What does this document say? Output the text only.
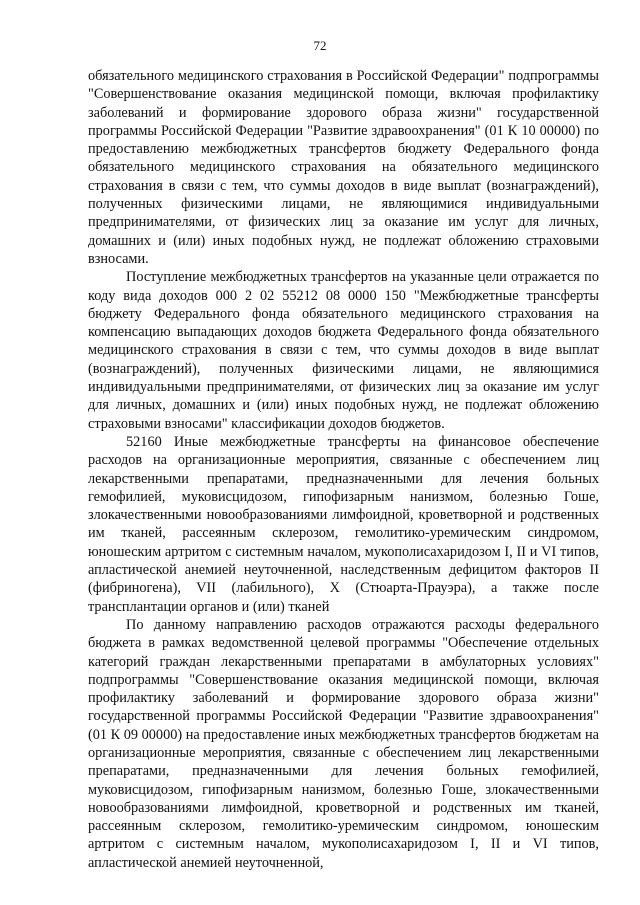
72

обязательного медицинского страхования в Российской Федерации" подпрограммы "Совершенствование оказания медицинской помощи, включая профилактику заболеваний и формирование здорового образа жизни" государственной программы Российской Федерации "Развитие здравоохранения" (01 К 10 00000) по предоставлению межбюджетных трансфертов бюджету Федерального фонда обязательного медицинского страхования на обязательного медицинского страхования в связи с тем, что суммы доходов в виде выплат (вознаграждений), полученных физическими лицами, не являющимися индивидуальными предпринимателями, от физических лиц за оказание им услуг для личных, домашних и (или) иных подобных нужд, не подлежат обложению страховыми взносами.

Поступление межбюджетных трансфертов на указанные цели отражается по коду вида доходов 000 2 02 55212 08 0000 150 "Межбюджетные трансферты бюджету Федерального фонда обязательного медицинского страхования на компенсацию выпадающих доходов бюджета Федерального фонда обязательного медицинского страхования в связи с тем, что суммы доходов в виде выплат (вознаграждений), полученных физическими лицами, не являющимися индивидуальными предпринимателями, от физических лиц за оказание им услуг для личных, домашних и (или) иных подобных нужд, не подлежат обложению страховыми взносами" классификации доходов бюджетов.

52160 Иные межбюджетные трансферты на финансовое обеспечение расходов на организационные мероприятия, связанные с обеспечением лиц лекарственными препаратами, предназначенными для лечения больных гемофилией, муковисцидозом, гипофизарным нанизмом, болезнью Гоше, злокачественными новообразованиями лимфоидной, кроветворной и родственных им тканей, рассеянным склерозом, гемолитико-уремическим синдромом, юношеским артритом с системным началом, мукополисахаридозом I, II и VI типов, апластической анемией неуточненной, наследственным дефицитом факторов II (фибриногена), VII (лабильного), X (Стюарта-Прауэра), а также после трансплантации органов и (или) тканей

По данному направлению расходов отражаются расходы федерального бюджета в рамках ведомственной целевой программы "Обеспечение отдельных категорий граждан лекарственными препаратами в амбулаторных условиях" подпрограммы "Совершенствование оказания медицинской помощи, включая профилактику заболеваний и формирование здорового образа жизни" государственной программы Российской Федерации "Развитие здравоохранения" (01 К 09 00000) на предоставление иных межбюджетных трансфертов бюджетам на организационные мероприятия, связанные с обеспечением лиц лекарственными препаратами, предназначенными для лечения больных гемофилией, муковисцидозом, гипофизарным нанизмом, болезнью Гоше, злокачественными новообразованиями лимфоидной, кроветворной и родственных им тканей, рассеянным склерозом, гемолитико-уремическим синдромом, юношеским артритом с системным началом, мукополисахаридозом I, II и VI типов, апластической анемией неуточненной,
